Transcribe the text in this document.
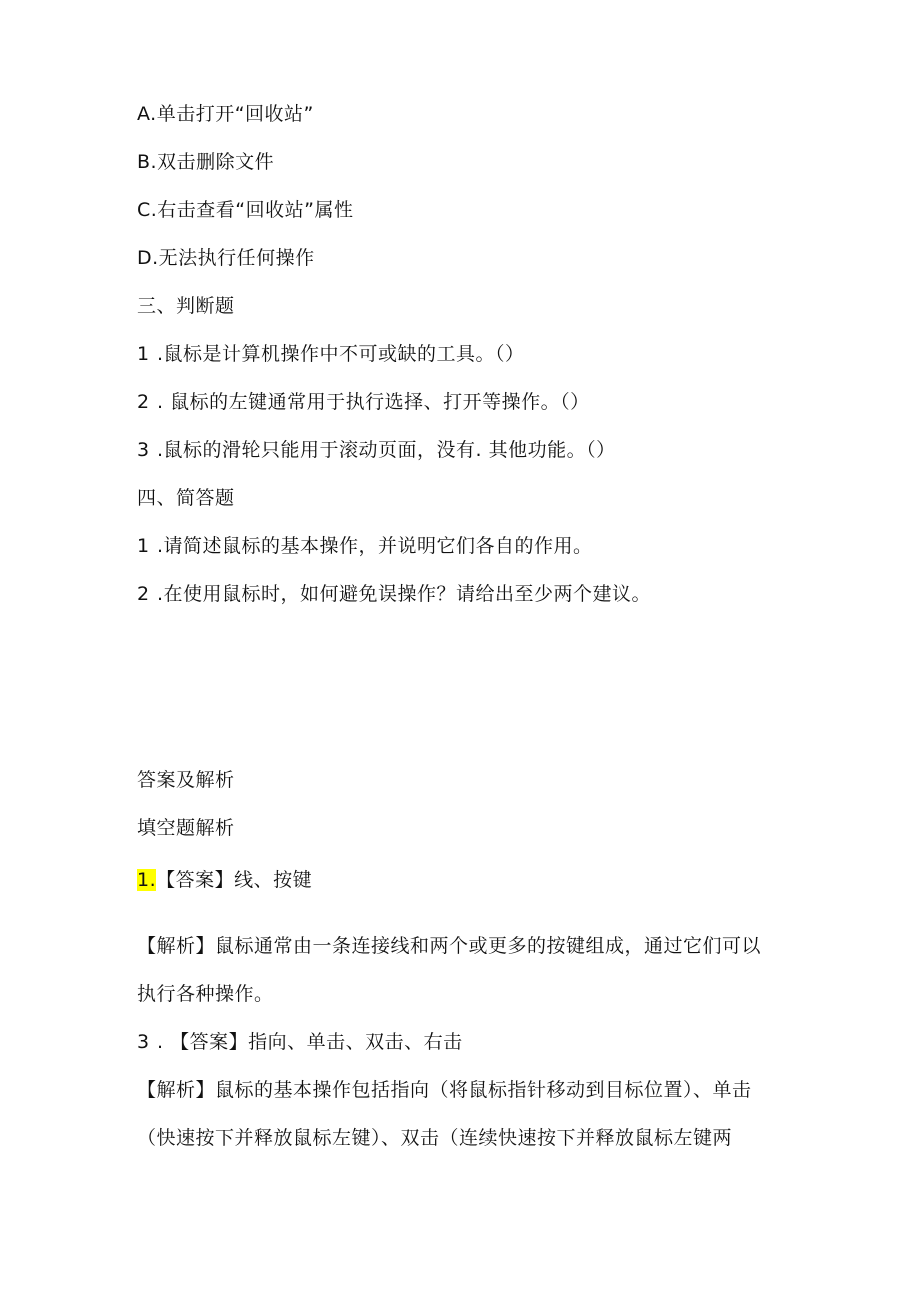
A.单击打开“回收站”
B.双击删除文件
C.右击查看“回收站”属性
D.无法执行任何操作
三、判断题
1 .鼠标是计算机操作中不可或缺的工具。（）
2 . 鼠标的左键通常用于执行选择、打开等操作。（）
3 .鼠标的滑轮只能用于滚动页面，没有. 其他功能。（）
四、简答题
1 .请简述鼠标的基本操作，并说明它们各自的作用。
2 .在使用鼠标时，如何避免误操作？请给出至少两个建议。
答案及解析
填空题解析
1.【答案】线、按键
【解析】鼠标通常由一条连接线和两个或更多的按键组成，通过它们可以
执行各种操作。
3 . 【答案】指向、单击、双击、右击
【解析】鼠标的基本操作包括指向（将鼠标指针移动到目标位置）、单击
（快速按下并释放鼠标左键）、双击（连续快速按下并释放鼠标左键两
